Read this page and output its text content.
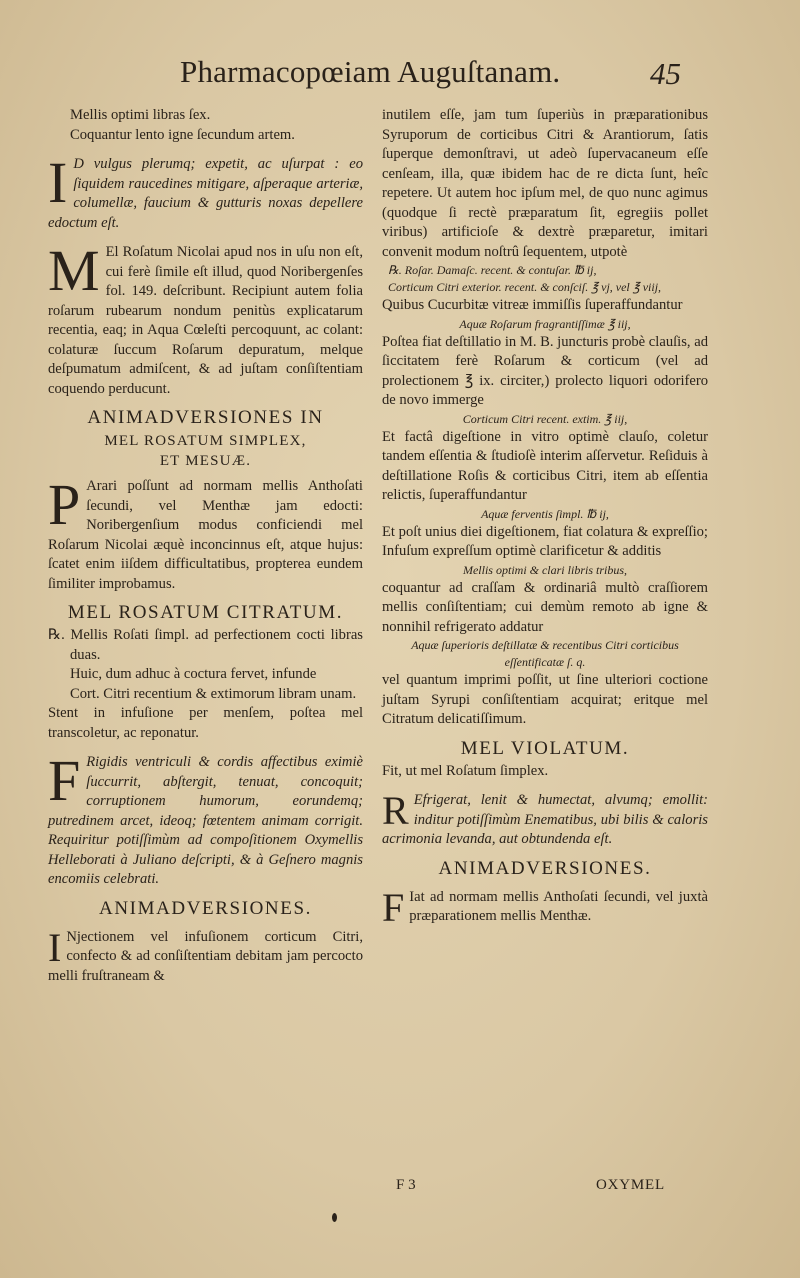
Pharmacopœiam Auguſtanam.	45

Mellis optimi libras ſex.

Coquantur lento igne ſecundum artem.

I D vulgus plerumq; expetit, ac uſurpat : eo ſiquidem raucedines mitigare, aſperaque arteriæ, columellæ, faucium & gutturis noxas depellere edoctum eſt.

M El Roſatum Nicolai apud nos in uſu non eſt, cui ferè ſimile eſt illud, quod Noribergenſes fol. 149. deſcribunt. Recipiunt autem folia roſarum rubearum nondum penitùs explicatarum recentia, eaq; in Aqua Cœleſti percoquunt, ac colant: colaturæ ſuccum Roſarum depuratum, melque deſpumatum admiſcent, & ad juſtam conſiſtentiam coquendo perducunt.

ANIMADVERSIONES IN
MEL ROSATUM SIMPLEX,
ET MESUÆ.
P Arari poſſunt ad normam mellis Anthoſati ſecundi, vel Menthæ jam edocti: Noribergenſium modus conficiendi mel Roſarum Nicolai æquè inconcinnus eſt, atque hujus: ſcatet enim iiſdem difficultatibus, propterea eundem ſimiliter improbamus.

MEL ROSATUM CITRATUM.

℞. Mellis Roſati ſimpl. ad perfectionem cocti libras duas.

Huic, dum adhuc à coctura fervet, infunde

Cort. Citri recentium & extimorum libram unam.

Stent in infuſione per menſem, poſtea mel transcoletur, ac reponatur.

F Rigidis ventriculi & cordis affectibus eximiè ſuccurrit, abſtergit, tenuat, concoquit; corruptionem humorum, eorundemq; putredinem arcet, ideoq; fœtentem animam corrigit. Requiritur potiſſimùm ad compoſitionem Oxymellis Helleborati à Juliano deſcripti, & à Geſnero magnis encomiis celebrati.

ANIMADVERSIONES.
I Njectionem vel infuſionem corticum Citri, confecto & ad conſiſtentiam debitam jam percocto melli fruſtraneam &

inutilem eſſe, jam tum ſuperiùs in præparationibus Syruporum de corticibus Citri & Arantiorum, ſatis ſuperque demonſtravi, ut adeò ſupervacaneum eſſe cenſeam, illa, quæ ibidem hac de re dicta ſunt, heîc repetere. Ut autem hoc ipſum mel, de quo nunc agimus (quodque ſi rectè præparatum ſit, egregiis pollet viribus) artificioſe & dextrè præparetur, imitari convenit modum noſtrû ſequentem, utpotè

℞. Roſar. Damaſc. recent. & contuſar. ℔ ij,

Corticum Citri exterior. recent. & conſciſ. ℥ vj, vel ℥ viij,

Quibus Cucurbitæ vitreæ immiſſis ſuperaffundantur

Aquæ Roſarum fragrantiſſimæ ℥ iij,

Poſtea fiat deſtillatio in M. B. juncturis probè clauſis, ad ſiccitatem ferè Roſarum & corticum (vel ad prolectionem ℥ ix. circiter,) prolecto liquori odorifero de novo immerge

Corticum Citri recent. extim. ℥ iij,

Et factâ digeſtione in vitro optimè clauſo, coletur tandem eſſentia & ſtudioſè interim aſſervetur. Reſiduis à deſtillatione Roſis & corticibus Citri, item ab eſſentia relictis, ſuperaffundantur

Aquæ ferventis ſimpl. ℔ ij,

Et poſt unius diei digeſtionem, fiat colatura & expreſſio; Infuſum expreſſum optimè clarificetur & additis

Mellis optimi & clari libris tribus,

coquantur ad craſſam & ordinariâ multò craſſiorem mellis conſiſtentiam; cui demùm remoto ab igne & nonnihil refrigerato addatur

Aquæ ſuperioris deſtillatæ & recentibus Citri corticibus eſſentificatæ ſ. q.

vel quantum imprimi poſſit, ut ſine ulteriori coctione juſtam Syrupi conſiſtentiam acquirat; eritque mel Citratum delicatiſſimum.

MEL VIOLATUM.

Fit, ut mel Roſatum ſimplex.

R Efrigerat, lenit & humectat, alvumq; emollit: inditur potiſſimùm Enematibus, ubi bilis & caloris acrimonia levanda, aut obtundenda eſt.

ANIMADVERSIONES.
F Iat ad normam mellis Anthoſati ſecundi, vel juxtà præparationem mellis Menthæ.

F 3	OXYMEL
